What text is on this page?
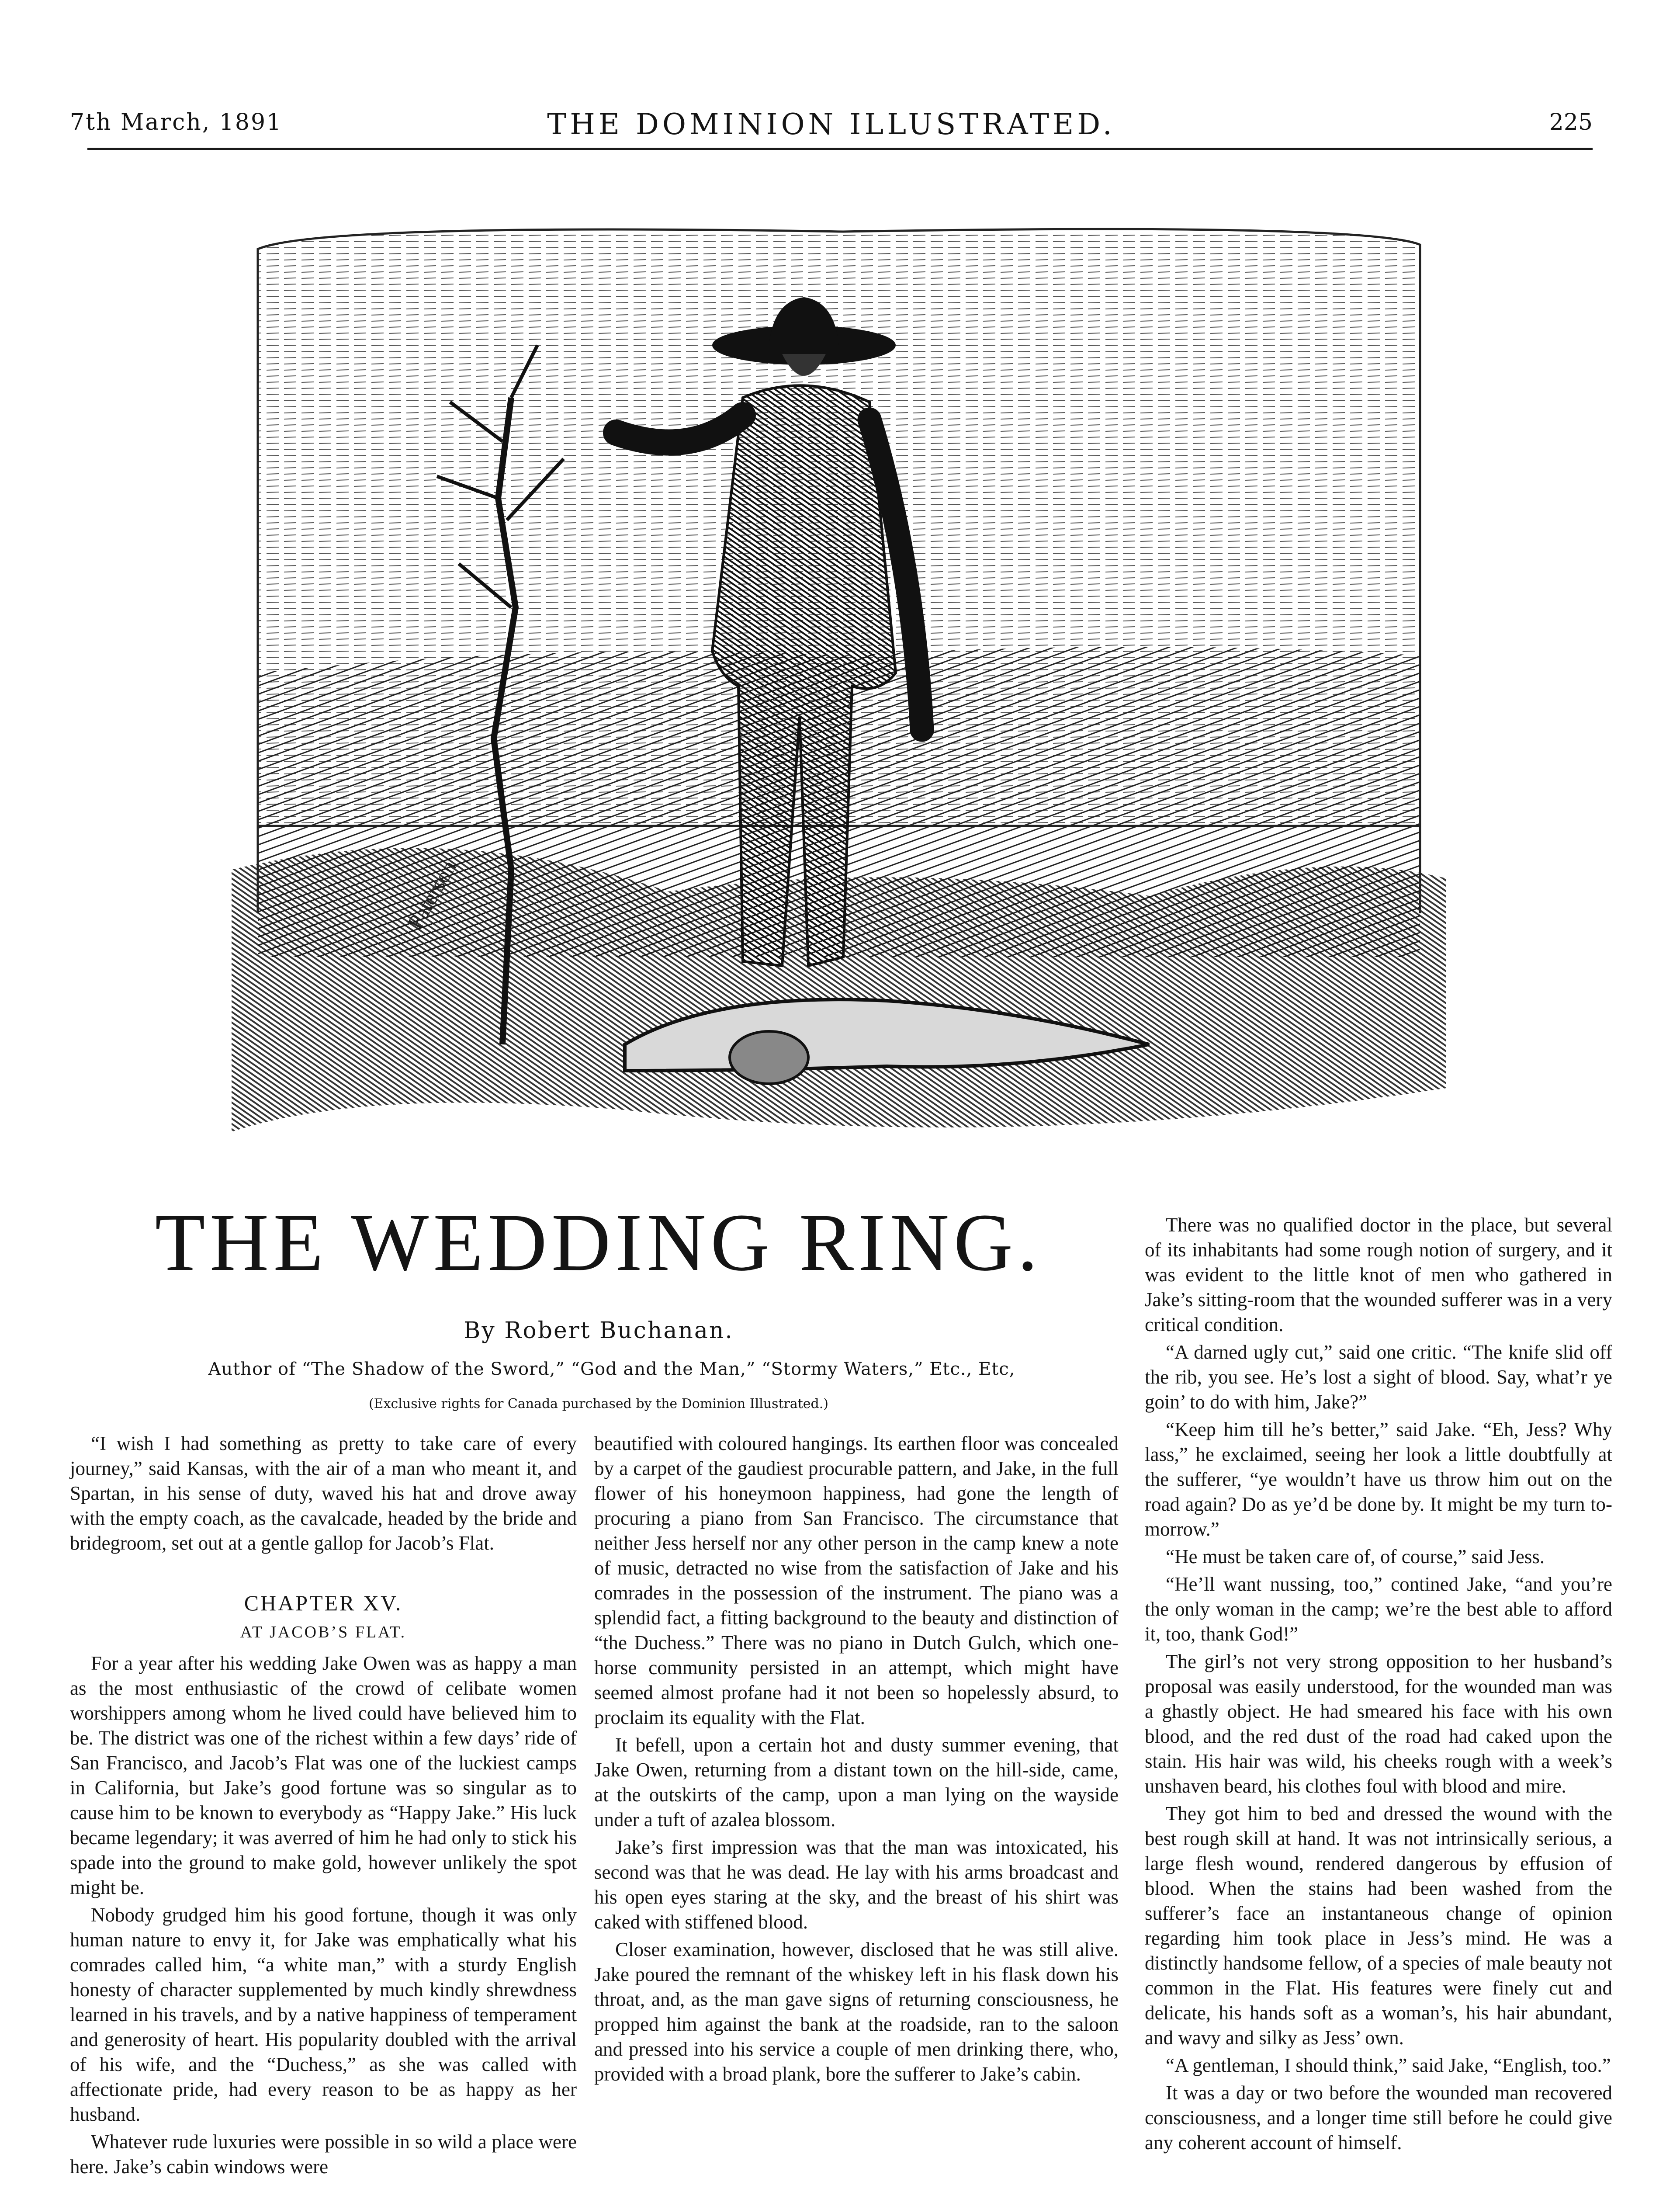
7th March, 1891	THE DOMINION ILLUSTRATED.	225
Paterson
THE WEDDING RING.
By Robert Buchanan.
Author of “The Shadow of the Sword,” “God and the Man,” “Stormy Waters,” Etc., Etc,
(Exclusive rights for Canada purchased by the Dominion Illustrated.)

“I wish I had something as pretty to take care of every journey,” said Kansas, with the air of a man who meant it, and Spartan, in his sense of duty, waved his hat and drove away with the empty coach, as the cavalcade, headed by the bride and bridegroom, set out at a gentle gallop for Jacob’s Flat.

CHAPTER XV.
AT JACOB’S FLAT.

For a year after his wedding Jake Owen was as happy a man as the most enthusiastic of the crowd of celibate women worshippers among whom he lived could have believed him to be. The district was one of the richest within a few days’ ride of San Francisco, and Jacob’s Flat was one of the luckiest camps in California, but Jake’s good fortune was so singular as to cause him to be known to everybody as “Happy Jake.” His luck became legendary; it was averred of him he had only to stick his spade into the ground to make gold, however unlikely the spot might be.

Nobody grudged him his good fortune, though it was only human nature to envy it, for Jake was emphatically what his comrades called him, “a white man,” with a sturdy English honesty of character supplemented by much kindly shrewdness learned in his travels, and by a native happiness of temperament and generosity of heart. His popularity doubled with the arrival of his wife, and the “Duchess,” as she was called with affectionate pride, had every reason to be as happy as her husband.

Whatever rude luxuries were possible in so wild a place were here. Jake’s cabin windows were

beautified with coloured hangings. Its earthen floor was concealed by a carpet of the gaudiest procurable pattern, and Jake, in the full flower of his honeymoon happiness, had gone the length of procuring a piano from San Francisco. The circumstance that neither Jess herself nor any other person in the camp knew a note of music, detracted no wise from the satisfaction of Jake and his comrades in the possession of the instrument. The piano was a splendid fact, a fitting background to the beauty and distinction of “the Duchess.” There was no piano in Dutch Gulch, which one-horse community persisted in an attempt, which might have seemed almost profane had it not been so hopelessly absurd, to proclaim its equality with the Flat.

It befell, upon a certain hot and dusty summer evening, that Jake Owen, returning from a distant town on the hill-side, came, at the outskirts of the camp, upon a man lying on the wayside under a tuft of azalea blossom.

Jake’s first impression was that the man was intoxicated, his second was that he was dead. He lay with his arms broadcast and his open eyes staring at the sky, and the breast of his shirt was caked with stiffened blood.

Closer examination, however, disclosed that he was still alive. Jake poured the remnant of the whiskey left in his flask down his throat, and, as the man gave signs of returning consciousness, he propped him against the bank at the roadside, ran to the saloon and pressed into his service a couple of men drinking there, who, provided with a broad plank, bore the sufferer to Jake’s cabin.

There was no qualified doctor in the place, but several of its inhabitants had some rough notion of surgery, and it was evident to the little knot of men who gathered in Jake’s sitting-room that the wounded sufferer was in a very critical condition.

“A darned ugly cut,” said one critic. “The knife slid off the rib, you see. He’s lost a sight of blood. Say, what’r ye goin’ to do with him, Jake?”

“Keep him till he’s better,” said Jake. “Eh, Jess? Why lass,” he exclaimed, seeing her look a little doubtfully at the sufferer, “ye wouldn’t have us throw him out on the road again? Do as ye’d be done by. It might be my turn to-morrow.”

“He must be taken care of, of course,” said Jess.

“He’ll want nussing, too,” contined Jake, “and you’re the only woman in the camp; we’re the best able to afford it, too, thank God!”

The girl’s not very strong opposition to her husband’s proposal was easily understood, for the wounded man was a ghastly object. He had smeared his face with his own blood, and the red dust of the road had caked upon the stain. His hair was wild, his cheeks rough with a week’s unshaven beard, his clothes foul with blood and mire.

They got him to bed and dressed the wound with the best rough skill at hand. It was not intrinsically serious, a large flesh wound, rendered dangerous by effusion of blood. When the stains had been washed from the sufferer’s face an instantaneous change of opinion regarding him took place in Jess’s mind. He was a distinctly handsome fellow, of a species of male beauty not common in the Flat. His features were finely cut and delicate, his hands soft as a woman’s, his hair abundant, and wavy and silky as Jess’ own.

“A gentleman, I should think,” said Jake, “English, too.”

It was a day or two before the wounded man recovered consciousness, and a longer time still before he could give any coherent account of himself.
